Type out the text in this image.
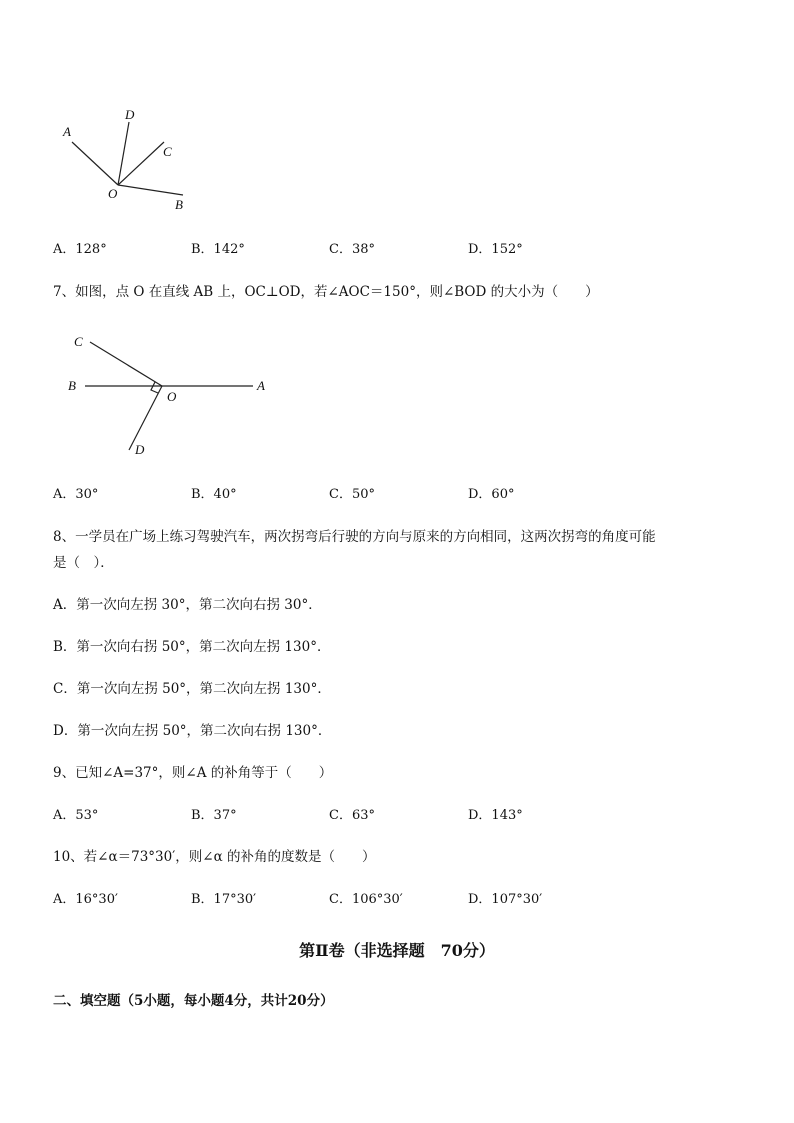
A
D
C
O
B
A．128°	B．142°	C．38°	D．152°
7、如图，点 O 在直线 AB 上，OC⊥OD，若∠AOC＝150°，则∠BOD 的大小为（　　）
C
B
O
A
D
A．30°	B．40°	C．50°	D．60°
8、一学员在广场上练习驾驶汽车，两次拐弯后行驶的方向与原来的方向相同，这两次拐弯的角度可能
是（　）．
A．第一次向左拐 30°，第二次向右拐 30°．
B．第一次向右拐 50°，第二次向左拐 130°．
C．第一次向左拐 50°，第二次向左拐 130°．
D．第一次向左拐 50°，第二次向右拐 130°．
9、已知∠A=37°，则∠A 的补角等于（　　）
A．53°	B．37°	C．63°	D．143°
10、若∠α＝73°30′，则∠α 的补角的度数是（　　）
A．16°30′	B．17°30′	C．106°30′	D．107°30′
第Ⅱ卷（非选择题　70分）
二、填空题（5小题，每小题4分，共计20分）
